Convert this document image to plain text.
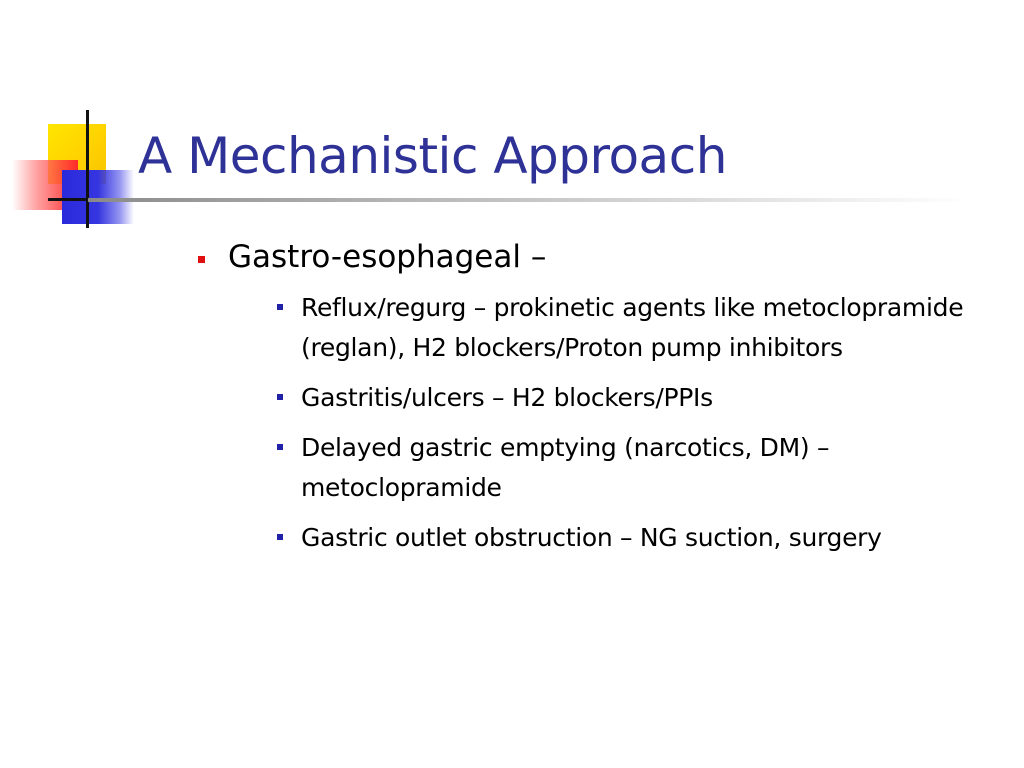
A Mechanistic Approach
Gastro-esophageal –
Reflux/regurg – prokinetic agents like metoclopramide (reglan), H2 blockers/Proton pump inhibitors
Gastritis/ulcers – H2 blockers/PPIs
Delayed gastric emptying (narcotics, DM) – metoclopramide
Gastric outlet obstruction – NG suction, surgery
